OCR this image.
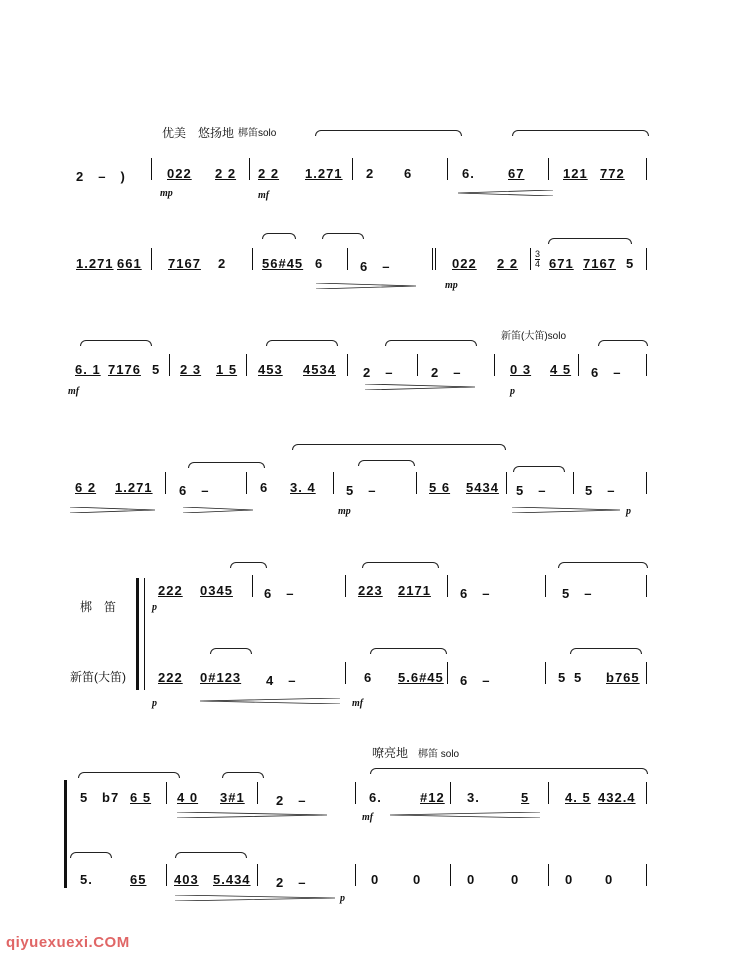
优美　悠扬地 梆笛solo
2　–　)	022 2 2 2 2 1.271 2 6	6.	67	121 772
mp	mf
1.271 661 7167 2	56#45 6	6　–	022 2 2
3
4 671 7167 5
mp
新笛(大笛)solo
6. 1 7176 5 2 3 1 5 453 4534 2　–	2　–	0 3 4 5 6　–
mf	p
6 2 1.271 6　–	6 3. 4 5　–	5 6 5434 5　–	5　–
mp	p
梆　笛
新笛(大笛)
222 0345 6　–	223 2171 6　–	5　–
p
222 0#123 4　–	6 5.6#45 6　–	5 5 b765
p	mf
嘹亮地 梆笛 solo
5 b7 6 5 4 0 3#1 2　–	6.	#12 3.	5	4. 5 432.4
mf
5.	65 403 5.434 2　–	0	0	0	0	0 0
p
qiyuexuexi.COM
